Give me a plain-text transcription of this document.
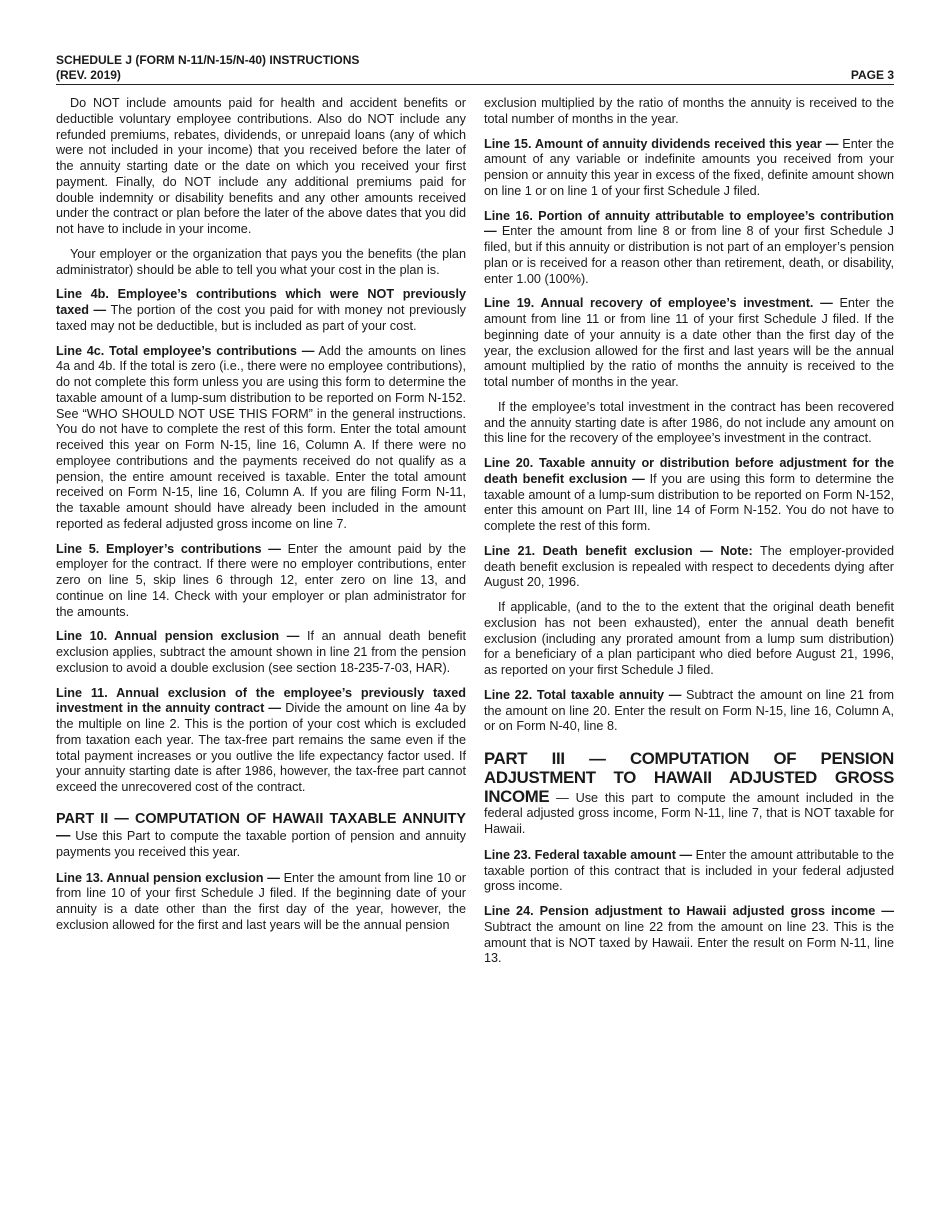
SCHEDULE J (FORM N-11/N-15/N-40) INSTRUCTIONS
(REV. 2019)	PAGE 3

Do NOT include amounts paid for health and accident benefits or deductible voluntary employee contributions. Also do NOT include any refunded premiums, rebates, dividends, or unrepaid loans (any of which were not included in your income) that you received before the later of the annuity starting date or the date on which you received your first payment. Finally, do NOT include any additional premiums paid for double indemnity or disability benefits and any other amounts received under the contract or plan before the later of the above dates that you did not have to include in your income.

Your employer or the organization that pays you the benefits (the plan administrator) should be able to tell you what your cost in the plan is.

Line 4b. Employee’s contributions which were NOT previously taxed — The portion of the cost you paid for with money not previously taxed may not be deductible, but is included as part of your cost.

Line 4c. Total employee’s contributions — Add the amounts on lines 4a and 4b. If the total is zero (i.e., there were no employee contributions), do not complete this form unless you are using this form to determine the taxable amount of a lump-sum distribution to be reported on Form N-152. See “WHO SHOULD NOT USE THIS FORM” in the general instructions. You do not have to complete the rest of this form. Enter the total amount received this year on Form N-15, line 16, Column A. If there were no employee contributions and the payments received do not qualify as a pension, the entire amount received is taxable. Enter the total amount received on Form N-15, line 16, Column A. If you are filing Form N-11, the taxable amount should have already been included in the amount reported as federal adjusted gross income on line 7.

Line 5. Employer’s contributions — Enter the amount paid by the employer for the contract. If there were no employer contributions, enter zero on line 5, skip lines 6 through 12, enter zero on line 13, and continue on line 14. Check with your employer or plan administrator for the amounts.

Line 10. Annual pension exclusion — If an annual death benefit exclusion applies, subtract the amount shown in line 21 from the pension exclusion to avoid a double exclusion (see section 18-235-7-03, HAR).

Line 11. Annual exclusion of the employee’s previously taxed investment in the annuity contract — Divide the amount on line 4a by the multiple on line 2. This is the portion of your cost which is excluded from taxation each year. The tax-free part remains the same even if the total payment increases or you outlive the life expectancy factor used. If your annuity starting date is after 1986, however, the tax-free part cannot exceed the unrecovered cost of the contract.

PART II — COMPUTATION OF HAWAII TAXABLE ANNUITY — Use this Part to compute the taxable portion of pension and annuity payments you received this year.

Line 13. Annual pension exclusion — Enter the amount from line 10 or from line 10 of your first Schedule J filed. If the beginning date of your annuity is a date other than the first day of the year, however, the exclusion allowed for the first and last years will be the annual pension

exclusion multiplied by the ratio of months the annuity is received to the total number of months in the year.

Line 15. Amount of annuity dividends received this year — Enter the amount of any variable or indefinite amounts you received from your pension or annuity this year in excess of the fixed, definite amount shown on line 1 or on line 1 of your first Schedule J filed.

Line 16. Portion of annuity attributable to employee’s contribution — Enter the amount from line 8 or from line 8 of your first Schedule J filed, but if this annuity or distribution is not part of an employer’s pension plan or is received for a reason other than retirement, death, or disability, enter 1.00 (100%).

Line 19. Annual recovery of employee’s investment. — Enter the amount from line 11 or from line 11 of your first Schedule J filed. If the beginning date of your annuity is a date other than the first day of the year, the exclusion allowed for the first and last years will be the annual amount multiplied by the ratio of months the annuity is received to the total number of months in the year.

If the employee’s total investment in the contract has been recovered and the annuity starting date is after 1986, do not include any amount on this line for the recovery of the employee’s investment in the contract.

Line 20. Taxable annuity or distribution before adjustment for the death benefit exclusion — If you are using this form to determine the taxable amount of a lump-sum distribution to be reported on Form N-152, enter this amount on Part III, line 14 of Form N-152. You do not have to complete the rest of this form.

Line 21. Death benefit exclusion — Note: The employer-provided death benefit exclusion is repealed with respect to decedents dying after August 20, 1996.

If applicable, (and to the to the extent that the original death benefit exclusion has not been exhausted), enter the annual death benefit exclusion (including any prorated amount from a lump sum distribution) for a beneficiary of a plan participant who died before August 21, 1996, as reported on your first Schedule J filed.

Line 22. Total taxable annuity — Subtract the amount on line 21 from the amount on line 20. Enter the result on Form N-15, line 16, Column A, or on Form N-40, line 8.

PART III — COMPUTATION OF PENSION ADJUSTMENT TO HAWAII ADJUSTED GROSS INCOME — Use this part to compute the amount included in the federal adjusted gross income, Form N-11, line 7, that is NOT taxable for Hawaii.

Line 23. Federal taxable amount — Enter the amount attributable to the taxable portion of this contract that is included in your federal adjusted gross income.

Line 24. Pension adjustment to Hawaii adjusted gross income — Subtract the amount on line 22 from the amount on line 23. This is the amount that is NOT taxed by Hawaii. Enter the result on Form N-11, line 13.
